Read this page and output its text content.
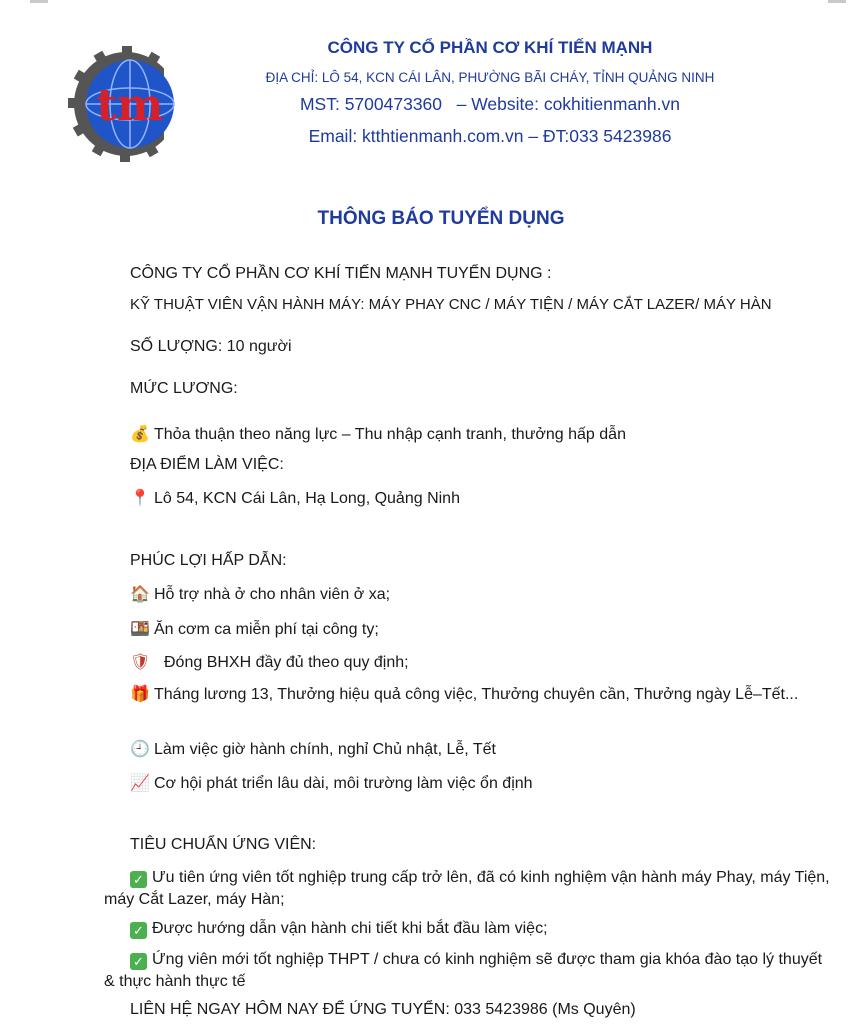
tm
CÔNG TY CỔ PHẦN CƠ KHÍ TIẾN MẠNH
ĐỊA CHỈ: LÔ 54, KCN CÁI LÂN, PHƯỜNG BÃI CHÁY, TỈNH QUẢNG NINH
MST: 5700473360   – Website: cokhitienmanh.vn
Email: ktthtienmanh.com.vn – ĐT:033 5423986
THÔNG BÁO TUYỂN DỤNG
CÔNG TY CỔ PHẦN CƠ KHÍ TIẾN MẠNH TUYỂN DỤNG :
KỸ THUẬT VIÊN VẬN HÀNH MÁY: MÁY PHAY CNC / MÁY TIỆN / MÁY CẮT LAZER/ MÁY HÀN
SỐ LƯỢNG: 10 người
MỨC LƯƠNG:
💰 Thỏa thuận theo năng lực – Thu nhập cạnh tranh, thưởng hấp dẫn
ĐỊA ĐIỂM LÀM VIỆC:
📍 Lô 54, KCN Cái Lân, Hạ Long, Quảng Ninh
PHÚC LỢI HẤP DẪN:
🏠 Hỗ trợ nhà ở cho nhân viên ở xa;
🍱 Ăn cơm ca miễn phí tại công ty;
🛡 Đóng BHXH đầy đủ theo quy định;
🎁 Tháng lương 13, Thưởng hiệu quả công việc, Thưởng chuyên cần, Thưởng ngày Lễ–Tết...
🕘 Làm việc giờ hành chính, nghỉ Chủ nhật, Lễ, Tết
📈 Cơ hội phát triển lâu dài, môi trường làm việc ổn định
TIÊU CHUẨN ỨNG VIÊN:
✓ Ưu tiên ứng viên tốt nghiệp trung cấp trở lên, đã có kinh nghiệm vận hành máy Phay, máy Tiện, máy Cắt Lazer, máy Hàn;
✓ Được hướng dẫn vận hành chi tiết khi bắt đầu làm việc;
✓ Ứng viên mới tốt nghiệp THPT / chưa có kinh nghiệm sẽ được tham gia khóa đào tạo lý thuyết & thực hành thực tế
LIÊN HỆ NGAY HÔM NAY ĐỂ ỨNG TUYỂN: 033 5423986 (Ms Quyên)
